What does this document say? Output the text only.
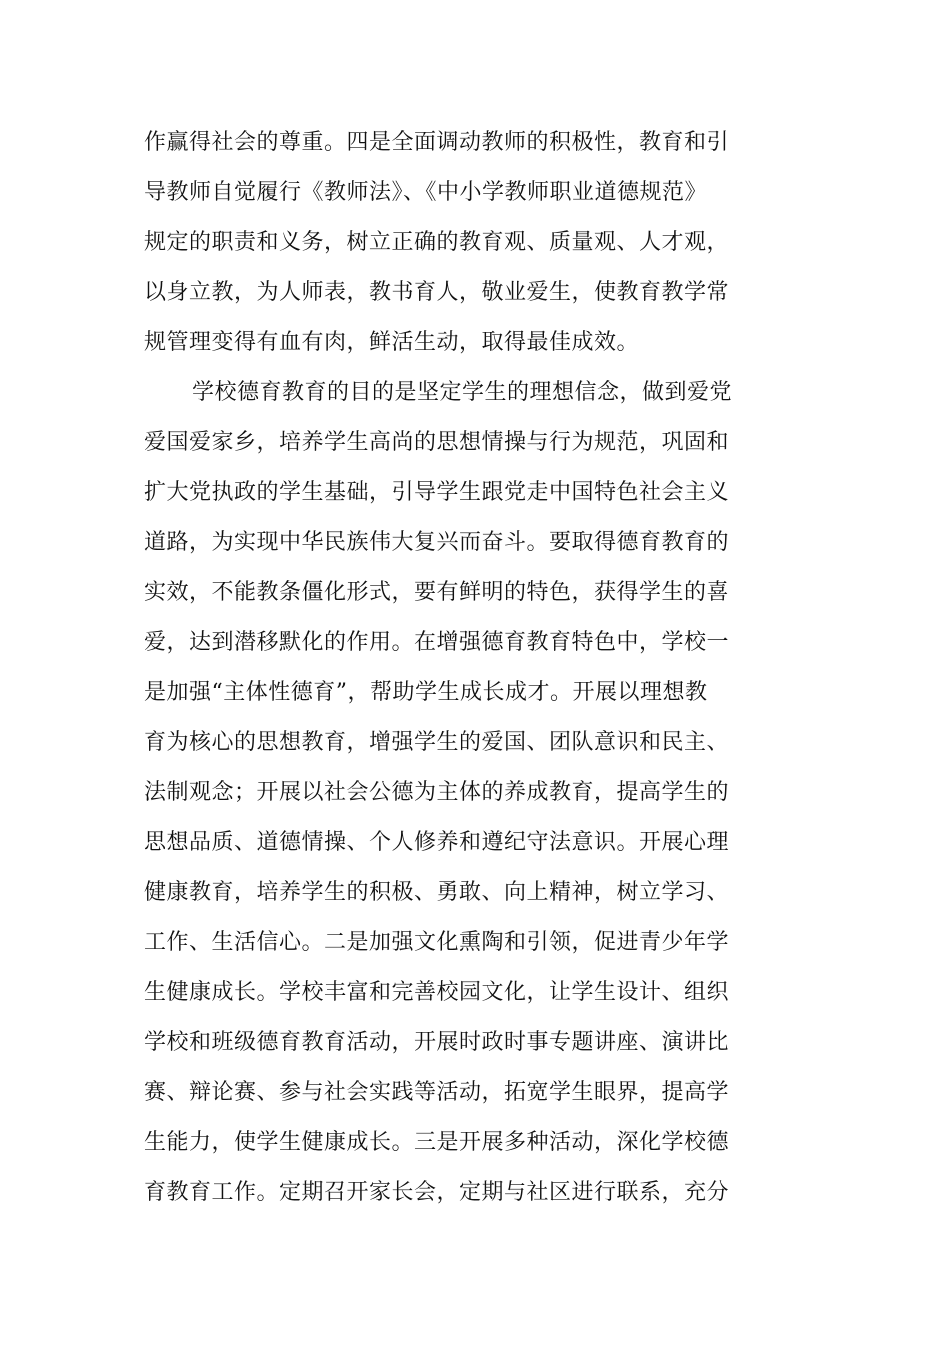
作赢得社会的尊重。四是全面调动教师的积极性，教育和引
导教师自觉履行《教师法》、《中小学教师职业道德规范》
规定的职责和义务，树立正确的教育观、质量观、人才观，
以身立教，为人师表，教书育人，敬业爱生，使教育教学常
规管理变得有血有肉，鲜活生动，取得最佳成效。
学校德育教育的目的是坚定学生的理想信念，做到爱党
爱国爱家乡，培养学生高尚的思想情操与行为规范，巩固和
扩大党执政的学生基础，引导学生跟党走中国特色社会主义
道路，为实现中华民族伟大复兴而奋斗。要取得德育教育的
实效，不能教条僵化形式，要有鲜明的特色，获得学生的喜
爱，达到潜移默化的作用。在增强德育教育特色中，学校一
是加强“主体性德育”，帮助学生成长成才。开展以理想教
育为核心的思想教育，增强学生的爱国、团队意识和民主、
法制观念；开展以社会公德为主体的养成教育，提高学生的
思想品质、道德情操、个人修养和遵纪守法意识。开展心理
健康教育，培养学生的积极、勇敢、向上精神，树立学习、
工作、生活信心。二是加强文化熏陶和引领，促进青少年学
生健康成长。学校丰富和完善校园文化，让学生设计、组织
学校和班级德育教育活动，开展时政时事专题讲座、演讲比
赛、辩论赛、参与社会实践等活动，拓宽学生眼界，提高学
生能力，使学生健康成长。三是开展多种活动，深化学校德
育教育工作。定期召开家长会，定期与社区进行联系，充分
